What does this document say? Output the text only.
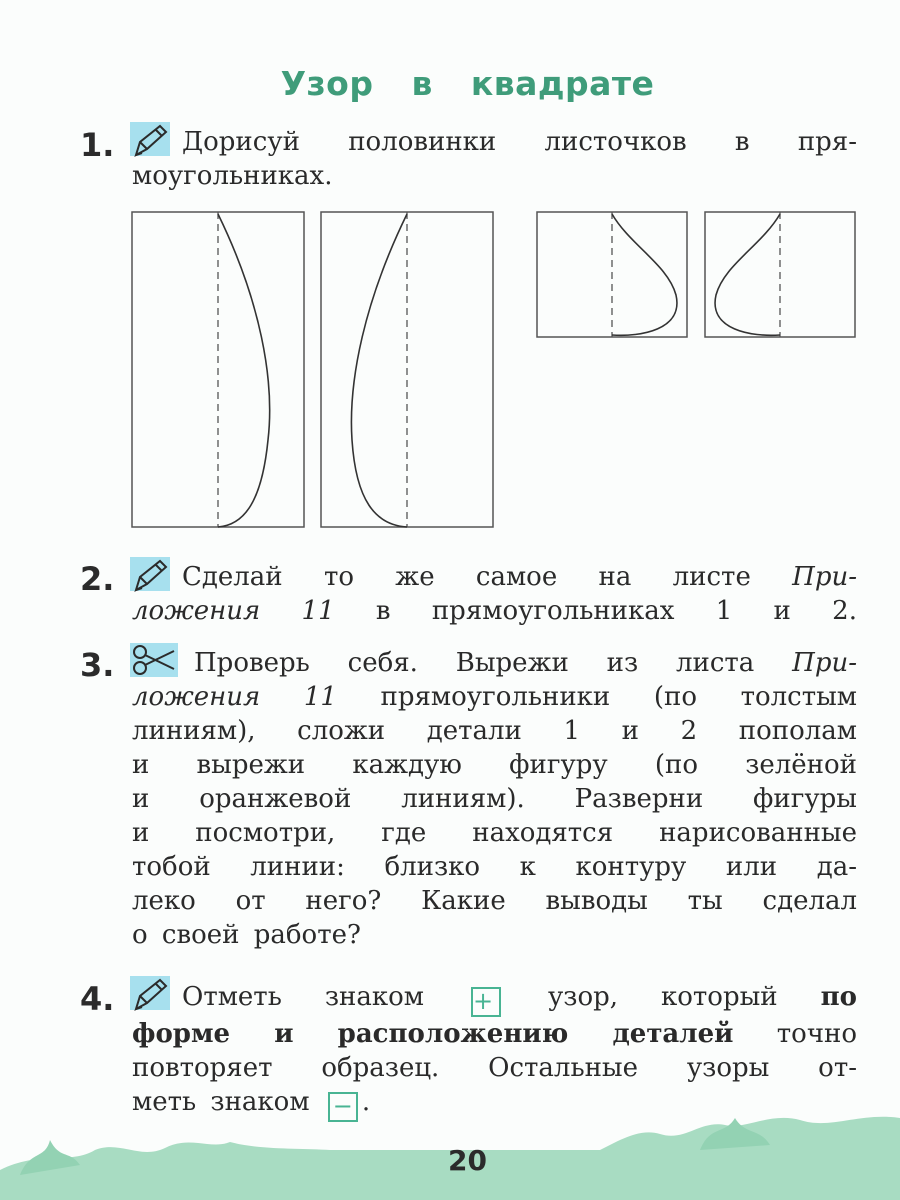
Узор в квадрате
1.	Дорисуй половинки листочков в пря-
моугольниках.
2.	Сделай то же самое на листе При-
ложения 11 в прямоугольниках 1 и 2.
3.	Проверь себя. Вырежи из листа При-
ложения 11 прямоугольники (по толстым
линиям), сложи детали 1 и 2 пополам
и вырежи каждую фигуру (по зелёной
и оранжевой линиям). Разверни фигуры
и посмотри, где находятся нарисованные
тобой линии: близко к контуру или да-
леко от него? Какие выводы ты сделал
о своей работе?
4.	Отметь знаком + узор, который по
форме и расположению деталей точно
повторяет образец. Остальные узоры от-
меть знаком − .
20
